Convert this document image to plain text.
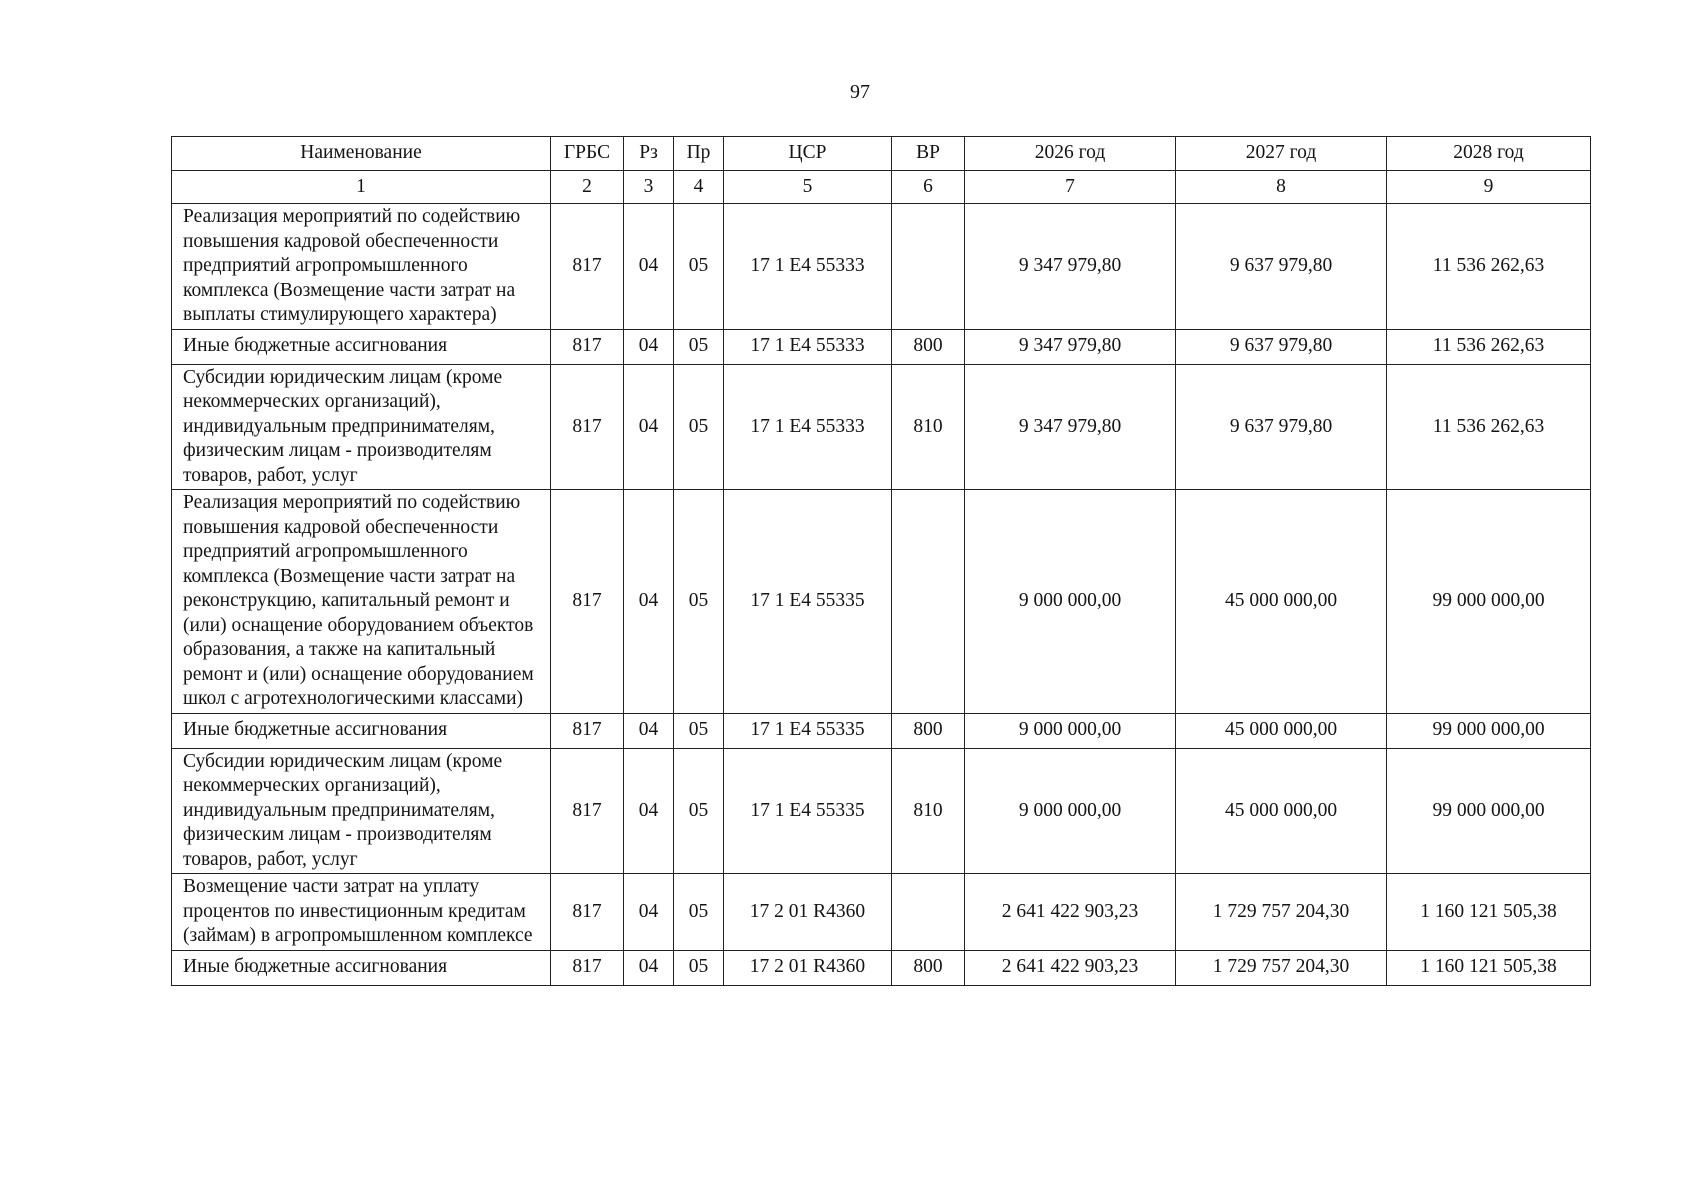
97
Наименование	ГРБС	Рз	Пр	ЦСР	ВР	2026 год	2027 год	2028 год
1	2	3	4	5	6	7	8	9
Реализация мероприятий по содействию повышения кадровой обеспеченности предприятий агропромышленного комплекса (Возмещение части затрат на выплаты стимулирующего характера)	817	04	05	17 1 Е4 55333		9 347 979,80	9 637 979,80	11 536 262,63
Иные бюджетные ассигнования	817	04	05	17 1 Е4 55333	800	9 347 979,80	9 637 979,80	11 536 262,63
Субсидии юридическим лицам (кроме некоммерческих организаций), индивидуальным предпринимателям, физическим лицам - производителям товаров, работ, услуг	817	04	05	17 1 Е4 55333	810	9 347 979,80	9 637 979,80	11 536 262,63
Реализация мероприятий по содействию повышения кадровой обеспеченности предприятий агропромышленного комплекса (Возмещение части затрат на реконструкцию, капитальный ремонт и (или) оснащение оборудованием объектов образования, а также на капитальный ремонт и (или) оснащение оборудованием школ с агротехнологическими классами)	817	04	05	17 1 Е4 55335		9 000 000,00	45 000 000,00	99 000 000,00
Иные бюджетные ассигнования	817	04	05	17 1 Е4 55335	800	9 000 000,00	45 000 000,00	99 000 000,00
Субсидии юридическим лицам (кроме некоммерческих организаций), индивидуальным предпринимателям, физическим лицам - производителям товаров, работ, услуг	817	04	05	17 1 Е4 55335	810	9 000 000,00	45 000 000,00	99 000 000,00
Возмещение части затрат на уплату процентов по инвестиционным кредитам (займам) в агропромышленном комплексе	817	04	05	17 2 01 R4360		2 641 422 903,23	1 729 757 204,30	1 160 121 505,38
Иные бюджетные ассигнования	817	04	05	17 2 01 R4360	800	2 641 422 903,23	1 729 757 204,30	1 160 121 505,38
